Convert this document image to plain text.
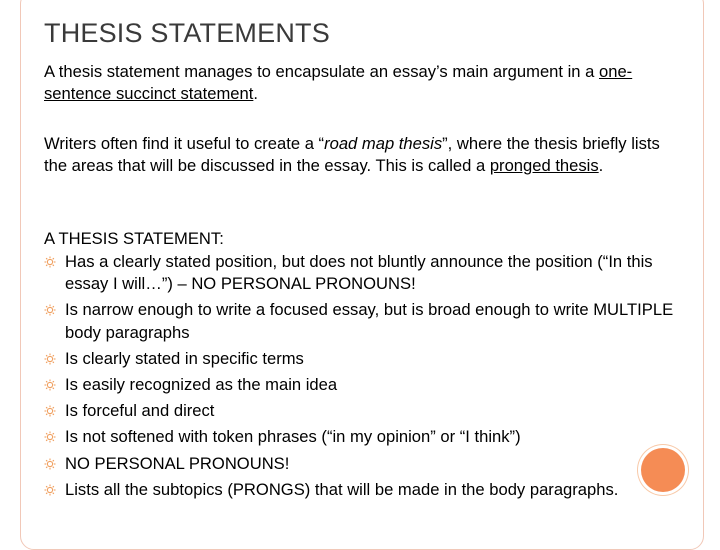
THESIS STATEMENTS
A thesis statement manages to encapsulate an essay’s main argument in a one-sentence succinct statement.
Writers often find it useful to create a “road map thesis”, where the thesis briefly lists the areas that will be discussed in the essay. This is called a pronged thesis.
A THESIS STATEMENT:
Has a clearly stated position, but does not bluntly announce the position (“In this essay I will…”) – NO PERSONAL PRONOUNS!
Is narrow enough to write a focused essay, but is broad enough to write MULTIPLE body paragraphs
Is clearly stated in specific terms
Is easily recognized as the main idea
Is forceful and direct
Is not softened with token phrases (“in my opinion” or “I think”)
NO PERSONAL PRONOUNS!
Lists all the subtopics (PRONGS) that will be made in the body paragraphs.
